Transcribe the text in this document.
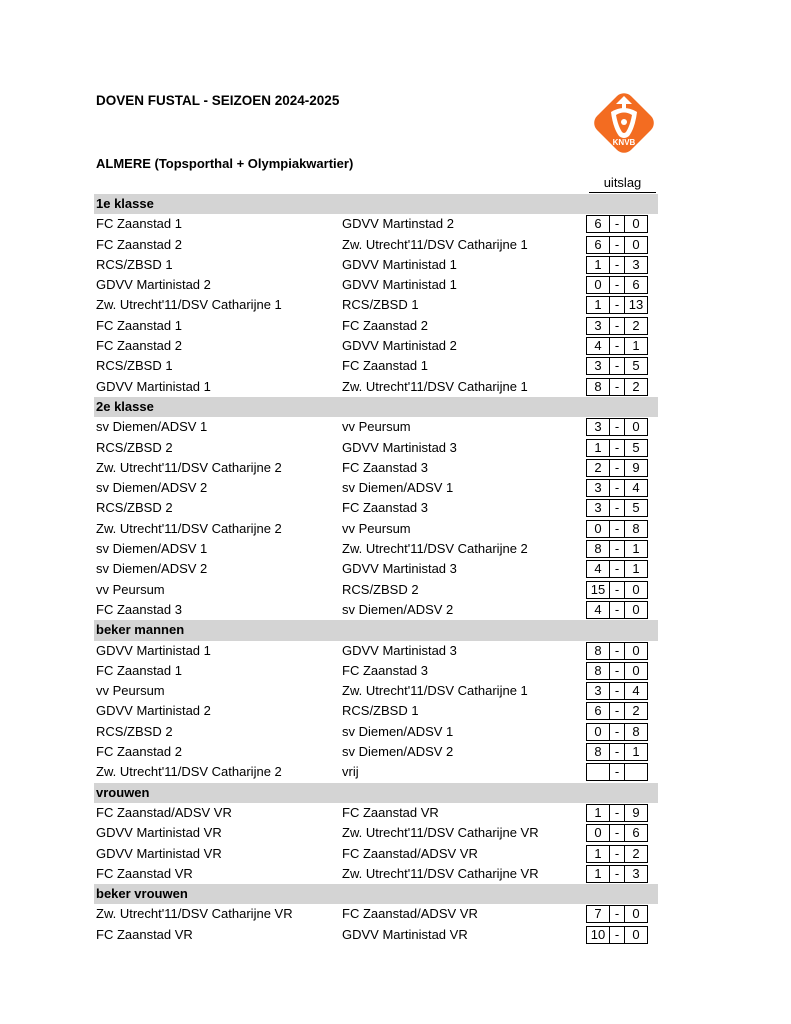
DOVEN FUSTAL - SEIZOEN 2024-2025
KNVB
ALMERE (Topsporthal + Olympiakwartier)
uitslag
1e klasse
FC Zaanstad 1	GDVV Martinstad 2	6	-	0
FC Zaanstad 2	Zw. Utrecht'11/DSV Catharijne 1	6	-	0
RCS/ZBSD 1	GDVV Martinistad 1	1	-	3
GDVV Martinistad 2	GDVV Martinistad 1	0	-	6
Zw. Utrecht'11/DSV Catharijne 1	RCS/ZBSD 1	1	- 13
FC Zaanstad 1	FC Zaanstad 2	3	-	2
FC Zaanstad 2	GDVV Martinistad 2	4	-	1
RCS/ZBSD 1	FC Zaanstad 1	3	-	5
GDVV Martinistad 1	Zw. Utrecht'11/DSV Catharijne 1	8	-	2
2e klasse
sv Diemen/ADSV 1	vv Peursum	3	-	0
RCS/ZBSD 2	GDVV Martinistad 3	1	-	5
Zw. Utrecht'11/DSV Catharijne 2	FC Zaanstad 3	2	-	9
sv Diemen/ADSV 2	sv Diemen/ADSV 1	3	-	4
RCS/ZBSD 2	FC Zaanstad 3	3	-	5
Zw. Utrecht'11/DSV Catharijne 2	vv Peursum	0	-	8
sv Diemen/ADSV 1	Zw. Utrecht'11/DSV Catharijne 2	8	-	1
sv Diemen/ADSV 2	GDVV Martinistad 3	4	-	1
vv Peursum	RCS/ZBSD 2	15 -	0
FC Zaanstad 3	sv Diemen/ADSV 2	4	-	0
beker mannen
GDVV Martinistad 1	GDVV Martinistad 3	8	-	0
FC Zaanstad 1	FC Zaanstad 3	8	-	0
vv Peursum	Zw. Utrecht'11/DSV Catharijne 1	3	-	4
GDVV Martinistad 2	RCS/ZBSD 1	6	-	2
RCS/ZBSD 2	sv Diemen/ADSV 1	0	-	8
FC Zaanstad 2	sv Diemen/ADSV 2	8	-	1
Zw. Utrecht'11/DSV Catharijne 2	vrij	-
vrouwen
FC Zaanstad/ADSV VR	FC Zaanstad VR	1	-	9
GDVV Martinistad VR	Zw. Utrecht'11/DSV Catharijne VR	0	-	6
GDVV Martinistad VR	FC Zaanstad/ADSV VR	1	-	2
FC Zaanstad VR	Zw. Utrecht'11/DSV Catharijne VR	1	-	3
beker vrouwen
Zw. Utrecht'11/DSV Catharijne VR	FC Zaanstad/ADSV VR	7	-	0
FC Zaanstad VR	GDVV Martinistad VR	10 -	0
